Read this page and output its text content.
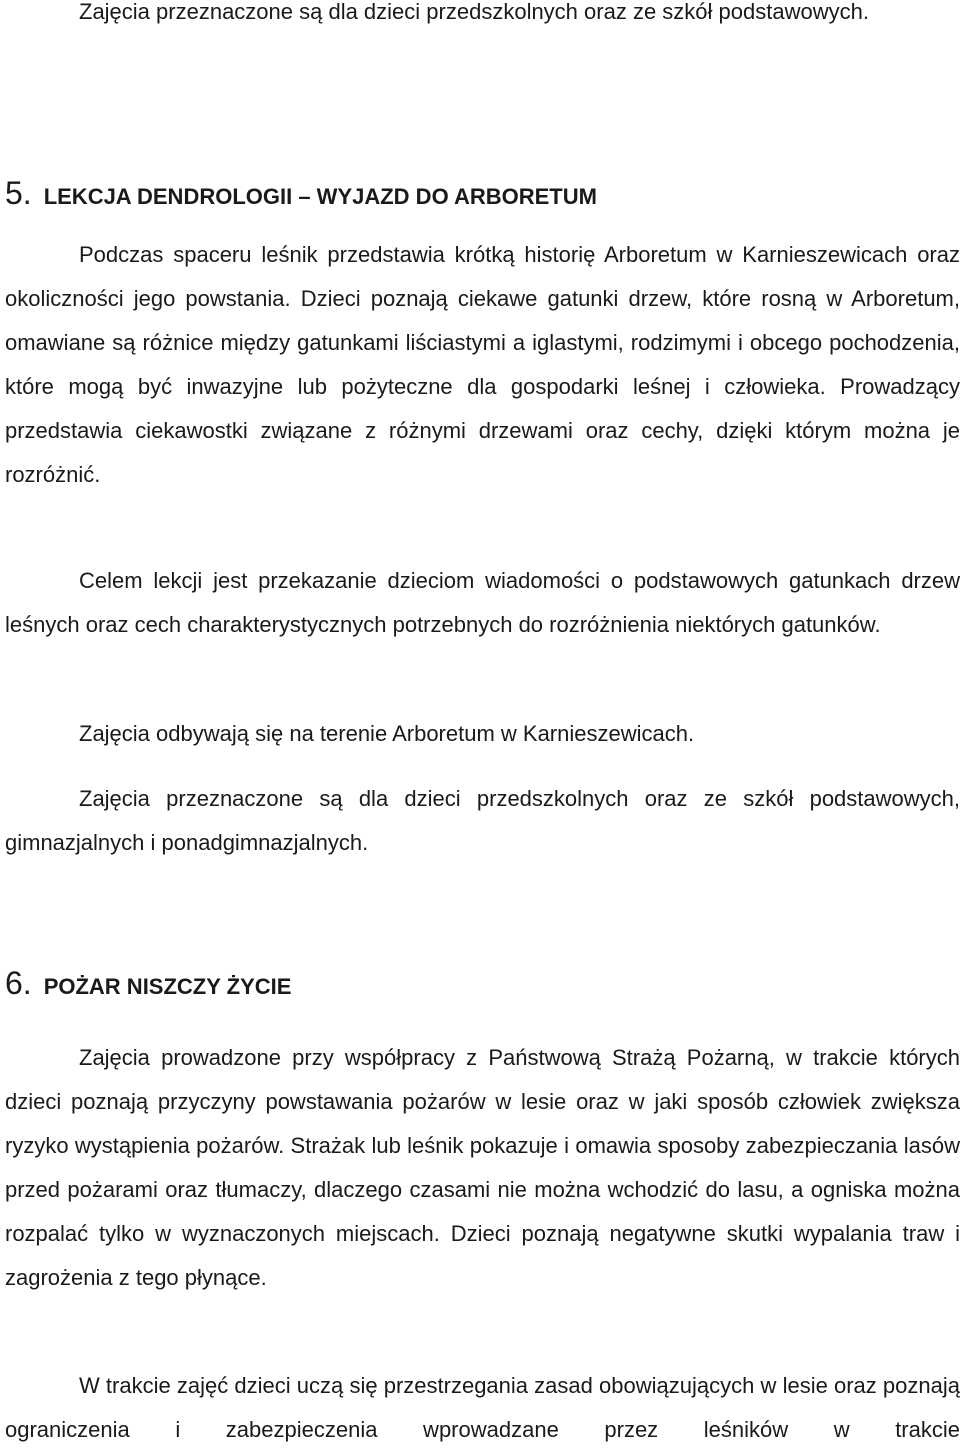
Zajęcia przeznaczone są dla dzieci przedszkolnych oraz ze szkół podstawowych.

5. LEKCJA DENDROLOGII – WYJAZD DO ARBORETUM

Podczas spaceru leśnik przedstawia krótką historię Arboretum w Karnieszewicach oraz okoliczności jego powstania. Dzieci poznają ciekawe gatunki drzew, które rosną w Arboretum, omawiane są różnice między gatunkami liściastymi a iglastymi, rodzimymi i obcego pochodzenia, które mogą być inwazyjne lub pożyteczne dla gospodarki leśnej i człowieka. Prowadzący przedstawia ciekawostki związane z różnymi drzewami oraz cechy, dzięki którym można je rozróżnić.

Celem lekcji jest przekazanie dzieciom wiadomości o podstawowych gatunkach drzew leśnych oraz cech charakterystycznych potrzebnych do rozróżnienia niektórych gatunków.

Zajęcia odbywają się na terenie Arboretum w Karnieszewicach.

Zajęcia przeznaczone są dla dzieci przedszkolnych oraz ze szkół podstawowych, gimnazjalnych i ponadgimnazjalnych.

6. POŻAR NISZCZY ŻYCIE

Zajęcia prowadzone przy współpracy z Państwową Strażą Pożarną, w trakcie których dzieci poznają przyczyny powstawania pożarów w lesie oraz w jaki sposób człowiek zwiększa ryzyko wystąpienia pożarów. Strażak lub leśnik pokazuje i omawia sposoby zabezpieczania lasów przed pożarami oraz tłumaczy, dlaczego czasami nie można wchodzić do lasu, a ogniska można rozpalać tylko w wyznaczonych miejscach. Dzieci poznają negatywne skutki wypalania traw i zagrożenia z tego płynące.

W trakcie zajęć dzieci uczą się przestrzegania zasad obowiązujących w lesie oraz poznają ograniczenia i zabezpieczenia wprowadzane przez leśników w trakcie
